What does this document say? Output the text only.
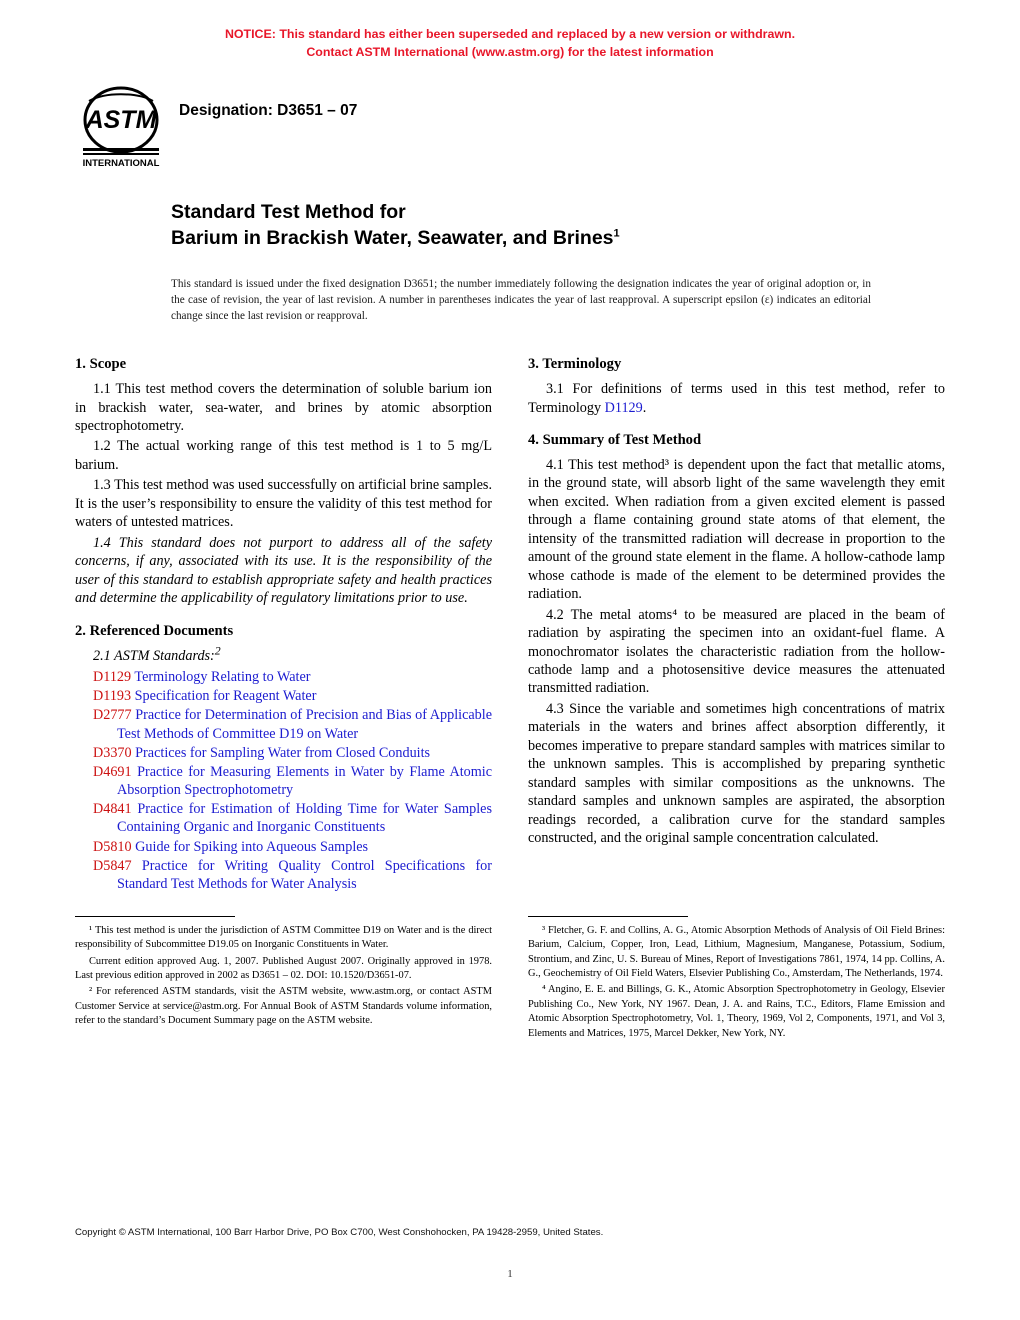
NOTICE: This standard has either been superseded and replaced by a new version or withdrawn.
Contact ASTM International (www.astm.org) for the latest information
ASTM
INTERNATIONAL
Designation: D3651 – 07
Standard Test Method for
Barium in Brackish Water, Seawater, and Brines$^1$
This standard is issued under the fixed designation D3651; the number immediately following the designation indicates the year of original adoption or, in the case of revision, the year of last revision. A number in parentheses indicates the year of last reapproval. A superscript epsilon (ε) indicates an editorial change since the last revision or reapproval.
1. Scope

1.1 This test method covers the determination of soluble barium ion in brackish water, sea-water, and brines by atomic absorption spectrophotometry.

1.2 The actual working range of this test method is 1 to 5 mg/L barium.

1.3 This test method was used successfully on artificial brine samples. It is the user’s responsibility to ensure the validity of this test method for waters of untested matrices.

1.4 This standard does not purport to address all of the safety concerns, if any, associated with its use. It is the responsibility of the user of this standard to establish appropriate safety and health practices and determine the applicability of regulatory limitations prior to use.

2. Referenced Documents
2.1 ASTM Standards:$^2$
D1129 Terminology Relating to Water
D1193 Specification for Reagent Water
D2777 Practice for Determination of Precision and Bias of Applicable Test Methods of Committee D19 on Water
D3370 Practices for Sampling Water from Closed Conduits
D4691 Practice for Measuring Elements in Water by Flame Atomic Absorption Spectrophotometry
D4841 Practice for Estimation of Holding Time for Water Samples Containing Organic and Inorganic Constituents
D5810 Guide for Spiking into Aqueous Samples
D5847 Practice for Writing Quality Control Specifications for Standard Test Methods for Water Analysis
3. Terminology

3.1 For definitions of terms used in this test method, refer to Terminology D1129.

4. Summary of Test Method

4.1 This test method³ is dependent upon the fact that metallic atoms, in the ground state, will absorb light of the same wavelength they emit when excited. When radiation from a given excited element is passed through a flame containing ground state atoms of that element, the intensity of the transmitted radiation will decrease in proportion to the amount of the ground state element in the flame. A hollow-cathode lamp whose cathode is made of the element to be determined provides the radiation.

4.2 The metal atoms⁴ to be measured are placed in the beam of radiation by aspirating the specimen into an oxidant-fuel flame. A monochromator isolates the characteristic radiation from the hollow-cathode lamp and a photosensitive device measures the attenuated transmitted radiation.

4.3 Since the variable and sometimes high concentrations of matrix materials in the waters and brines affect absorption differently, it becomes imperative to prepare standard samples with matrices similar to the unknown samples. This is accomplished by preparing synthetic standard samples with similar compositions as the unknowns. The standard samples and unknown samples are aspirated, the absorption readings recorded, a calibration curve for the standard samples constructed, and the original sample concentration calculated.

¹ This test method is under the jurisdiction of ASTM Committee D19 on Water and is the direct responsibility of Subcommittee D19.05 on Inorganic Constituents in Water.

Current edition approved Aug. 1, 2007. Published August 2007. Originally approved in 1978. Last previous edition approved in 2002 as D3651 – 02. DOI: 10.1520/D3651-07.

² For referenced ASTM standards, visit the ASTM website, www.astm.org, or contact ASTM Customer Service at service@astm.org. For Annual Book of ASTM Standards volume information, refer to the standard’s Document Summary page on the ASTM website.

³ Fletcher, G. F. and Collins, A. G., Atomic Absorption Methods of Analysis of Oil Field Brines: Barium, Calcium, Copper, Iron, Lead, Lithium, Magnesium, Manganese, Potassium, Sodium, Strontium, and Zinc, U. S. Bureau of Mines, Report of Investigations 7861, 1974, 14 pp. Collins, A. G., Geochemistry of Oil Field Waters, Elsevier Publishing Co., Amsterdam, The Netherlands, 1974.

⁴ Angino, E. E. and Billings, G. K., Atomic Absorption Spectrophotometry in Geology, Elsevier Publishing Co., New York, NY 1967. Dean, J. A. and Rains, T.C., Editors, Flame Emission and Atomic Absorption Spectrophotometry, Vol. 1, Theory, 1969, Vol 2, Components, 1971, and Vol 3, Elements and Matrices, 1975, Marcel Dekker, New York, NY.

Copyright © ASTM International, 100 Barr Harbor Drive, PO Box C700, West Conshohocken, PA 19428-2959, United States.
1
